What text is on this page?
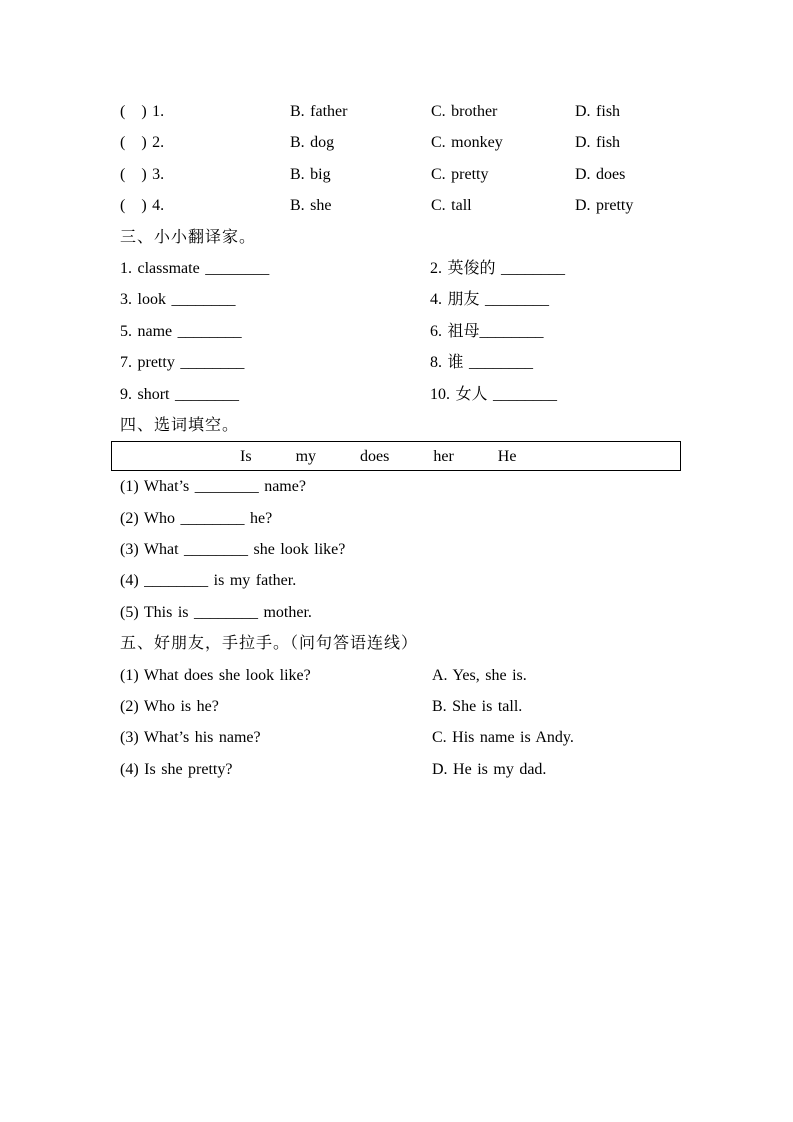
(　) 1.	B. father	C. brother	D. fish
(　) 2.	B. dog	C. monkey	D. fish
(　) 3.	B. big	C. pretty	D. does
(　) 4.	B. she	C. tall	D. pretty
三、小小翻译家。
1. classmate ________	2. 英俊的 ________
3. look ________	4. 朋友 ________
5. name ________	6. 祖母________
7. pretty ________	8. 谁 ________
9. short ________	10. 女人 ________
四、选词填空。
Is	my	does	her	He
(1) What’s ________ name?
(2) Who ________ he?
(3) What ________ she look like?
(4) ________ is my father.
(5) This is ________ mother.
五、好朋友，手拉手。（问句答语连线）
(1) What does she look like?	A. Yes, she is.
(2) Who is he?	B. She is tall.
(3) What’s his name?	C. His name is Andy.
(4) Is she pretty?	D. He is my dad.
